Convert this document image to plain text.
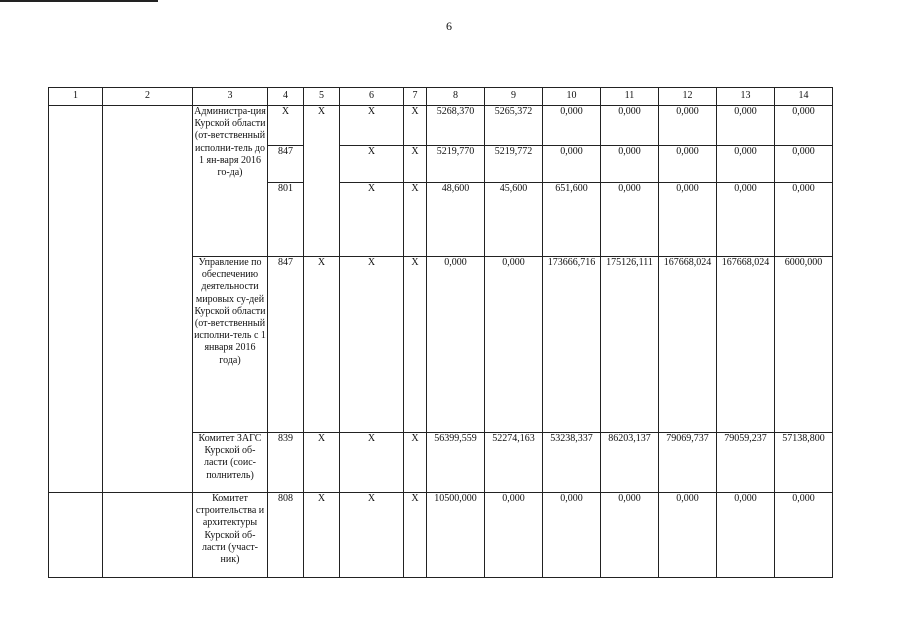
6
1	2	3	4	5	6	7	8	9	10	11	12	13	14
		Администра-ция Курской области (от-ветственный исполни-тель до 1 ян-варя 2016 го-да)	X	X	X	X	5268,370	5265,372	0,000	0,000	0,000	0,000	0,000
			847		X	X	5219,770	5219,772	0,000	0,000	0,000	0,000	0,000
			801		X	X	48,600	45,600	651,600	0,000	0,000	0,000	0,000
		Управление по обеспечению деятельности мировых су-дей Курской области (от-ветственный исполни-тель с 1 января 2016 года)	847	X	X	X	0,000	0,000	173666,716	175126,111	167668,024	167668,024	6000,000
		Комитет ЗАГС Курской об-ласти (соис-полнитель)	839	X	X	X	56399,559	52274,163	53238,337	86203,137	79069,737	79059,237	57138,800
		Комитет строительства и архитектуры Курской об-ласти (участ-ник)	808	X	X	X	10500,000	0,000	0,000	0,000	0,000	0,000	0,000
